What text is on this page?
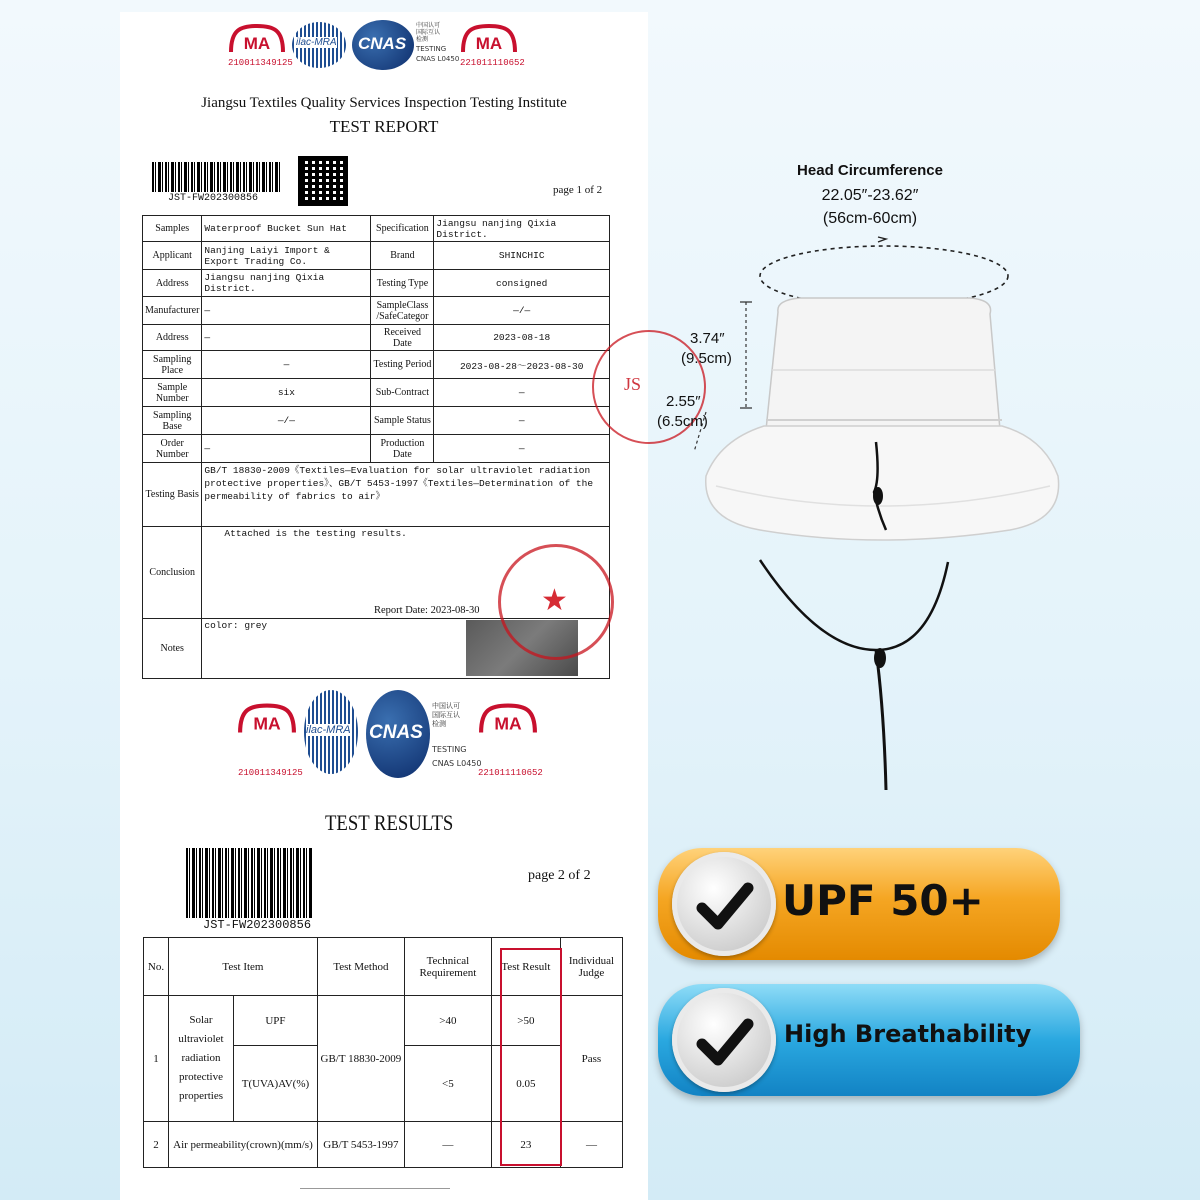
MA
210011349125
ilac-MRA CNAS
中国认可
国际互认
检测
TESTING
CNAS L0450
MA
221011110652
Jiangsu Textiles Quality Services Inspection Testing Institute
TEST REPORT
JST-FW202300856
page 1 of 2
Samples	Waterproof Bucket Sun Hat	Specification	Jiangsu nanjing Qixia District.
Applicant	Nanjing Laiyi Import & Export Trading Co.	Brand	SHINCHIC
Address	Jiangsu nanjing Qixia District.	Testing Type	consigned
Manufacturer	—	SampleClass /SafeCategor	—/—
Address	—	Received Date	2023-08-18
Sampling Place	—	Testing Period	2023-08-28～2023-08-30
Sample Number	six	Sub-Contract	—
Sampling Base	—/—	Sample Status	—
Order Number	—	Production Date	—
Testing Basis	GB/T 18830-2009《Textiles—Evaluation for solar ultraviolet radiation protective properties》、GB/T 5453-1997《Textiles—Determination of the permeability of fabrics to air》		
Conclusion	Attached is the testing results.		
Notes	color: grey		
Report Date: 2023-08-30 ★
JS
MA
210011349125
ilac-MRA CNAS
中国认可
国际互认
检测
TESTING
CNAS L0450
MA
221011110652
TEST RESULTS
JST-FW202300856
page 2 of 2
No.	Test Item		Test Method	Technical Requirement	Test Result	Individual Judge
1	Solar ultraviolet radiation protective properties	UPF	GB/T 18830-2009	>40	>50	Pass
		T(UVA)AV(%)		<5	0.05	
2	Air permeability(crown)(mm/s)		GB/T 5453-1997	—	23	—
Head Circumference
22.05″-23.62″
(56cm-60cm)
3.74″
(9.5cm)
2.55″
(6.5cm)
UPF 50+
High Breathability
